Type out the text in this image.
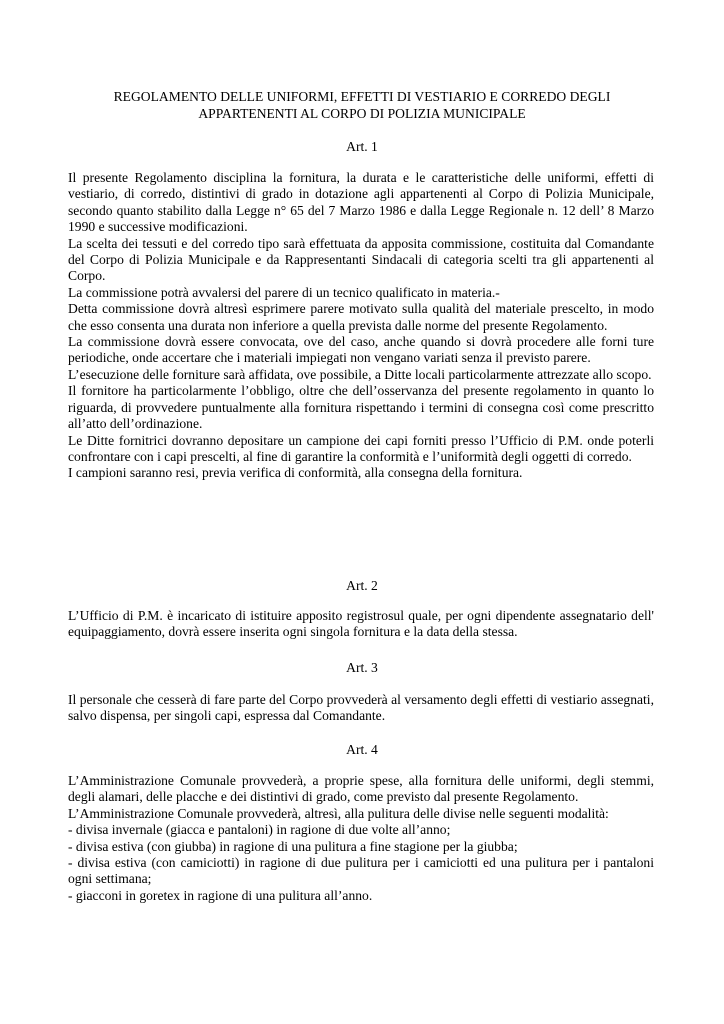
REGOLAMENTO DELLE UNIFORMI, EFFETTI DI VESTIARIO E CORREDO DEGLI
APPARTENENTI AL CORPO DI POLIZIA MUNICIPALE
Art. 1

Il presente Regolamento disciplina la fornitura, la durata e le caratteristiche delle uniformi, effetti di vestiario, di corredo, distintivi di grado in dotazione agli appartenenti al Corpo di Polizia Municipale, secondo quanto stabilito dalla Legge n° 65 del 7 Marzo 1986 e dalla Legge Regionale n. 12 dell’ 8 Marzo 1990 e successive modificazioni.

La scelta dei tessuti e del corredo tipo sarà effettuata da apposita commissione, costituita dal Comandante del Corpo di Polizia Municipale e da Rappresentanti Sindacali di categoria scelti tra gli appartenenti al Corpo.

La commissione potrà avvalersi del parere di un tecnico qualificato in materia.-

Detta commissione dovrà altresì esprimere parere motivato sulla qualità del materiale prescelto, in modo che esso consenta una durata non inferiore a quella prevista dalle norme del presente Regolamento.

La commissione dovrà essere convocata, ove del caso, anche quando si dovrà procedere alle forni ture periodiche, onde accertare che i materiali impiegati non vengano variati senza il previsto parere.

L’esecuzione delle forniture sarà affidata, ove possibile, a Ditte locali particolarmente attrezzate allo scopo.

Il fornitore ha particolarmente l’obbligo, oltre che dell’osservanza del presente regolamento in quanto lo riguarda, di provvedere puntualmente alla fornitura rispettando i termini di consegna così come prescritto all’atto dell’ordinazione.

Le Ditte fornitrici dovranno depositare un campione dei capi forniti presso l’Ufficio di P.M. onde poterli confrontare con i capi prescelti, al fine di garantire la conformità e l’uniformità degli oggetti di corredo.

I campioni saranno resi, previa verifica di conformità, alla consegna della fornitura.

Art. 2

L’Ufficio di P.M. è incaricato di istituire apposito registrosul quale, per ogni dipendente assegnatario dell' equipaggiamento, dovrà essere inserita ogni singola fornitura e la data della stessa.

Art. 3

Il personale che cesserà di fare parte del Corpo provvederà al versamento degli effetti di vestiario assegnati, salvo dispensa, per singoli capi, espressa dal Comandante.

Art. 4

L’Amministrazione Comunale provvederà, a proprie spese, alla fornitura delle uniformi, degli stemmi, degli alamari, delle placche e dei distintivi di grado, come previsto dal presente Regolamento.

L’Amministrazione Comunale provvederà, altresì, alla pulitura delle divise nelle seguenti modalità:

- divisa invernale (giacca e pantaloni) in ragione di due volte all’anno;

- divisa estiva (con giubba) in ragione di una pulitura a fine stagione per la giubba;

- divisa estiva (con camiciotti) in ragione di due pulitura per i camiciotti ed una pulitura per i pantaloni ogni settimana;

- giacconi in goretex in ragione di una pulitura all’anno.
